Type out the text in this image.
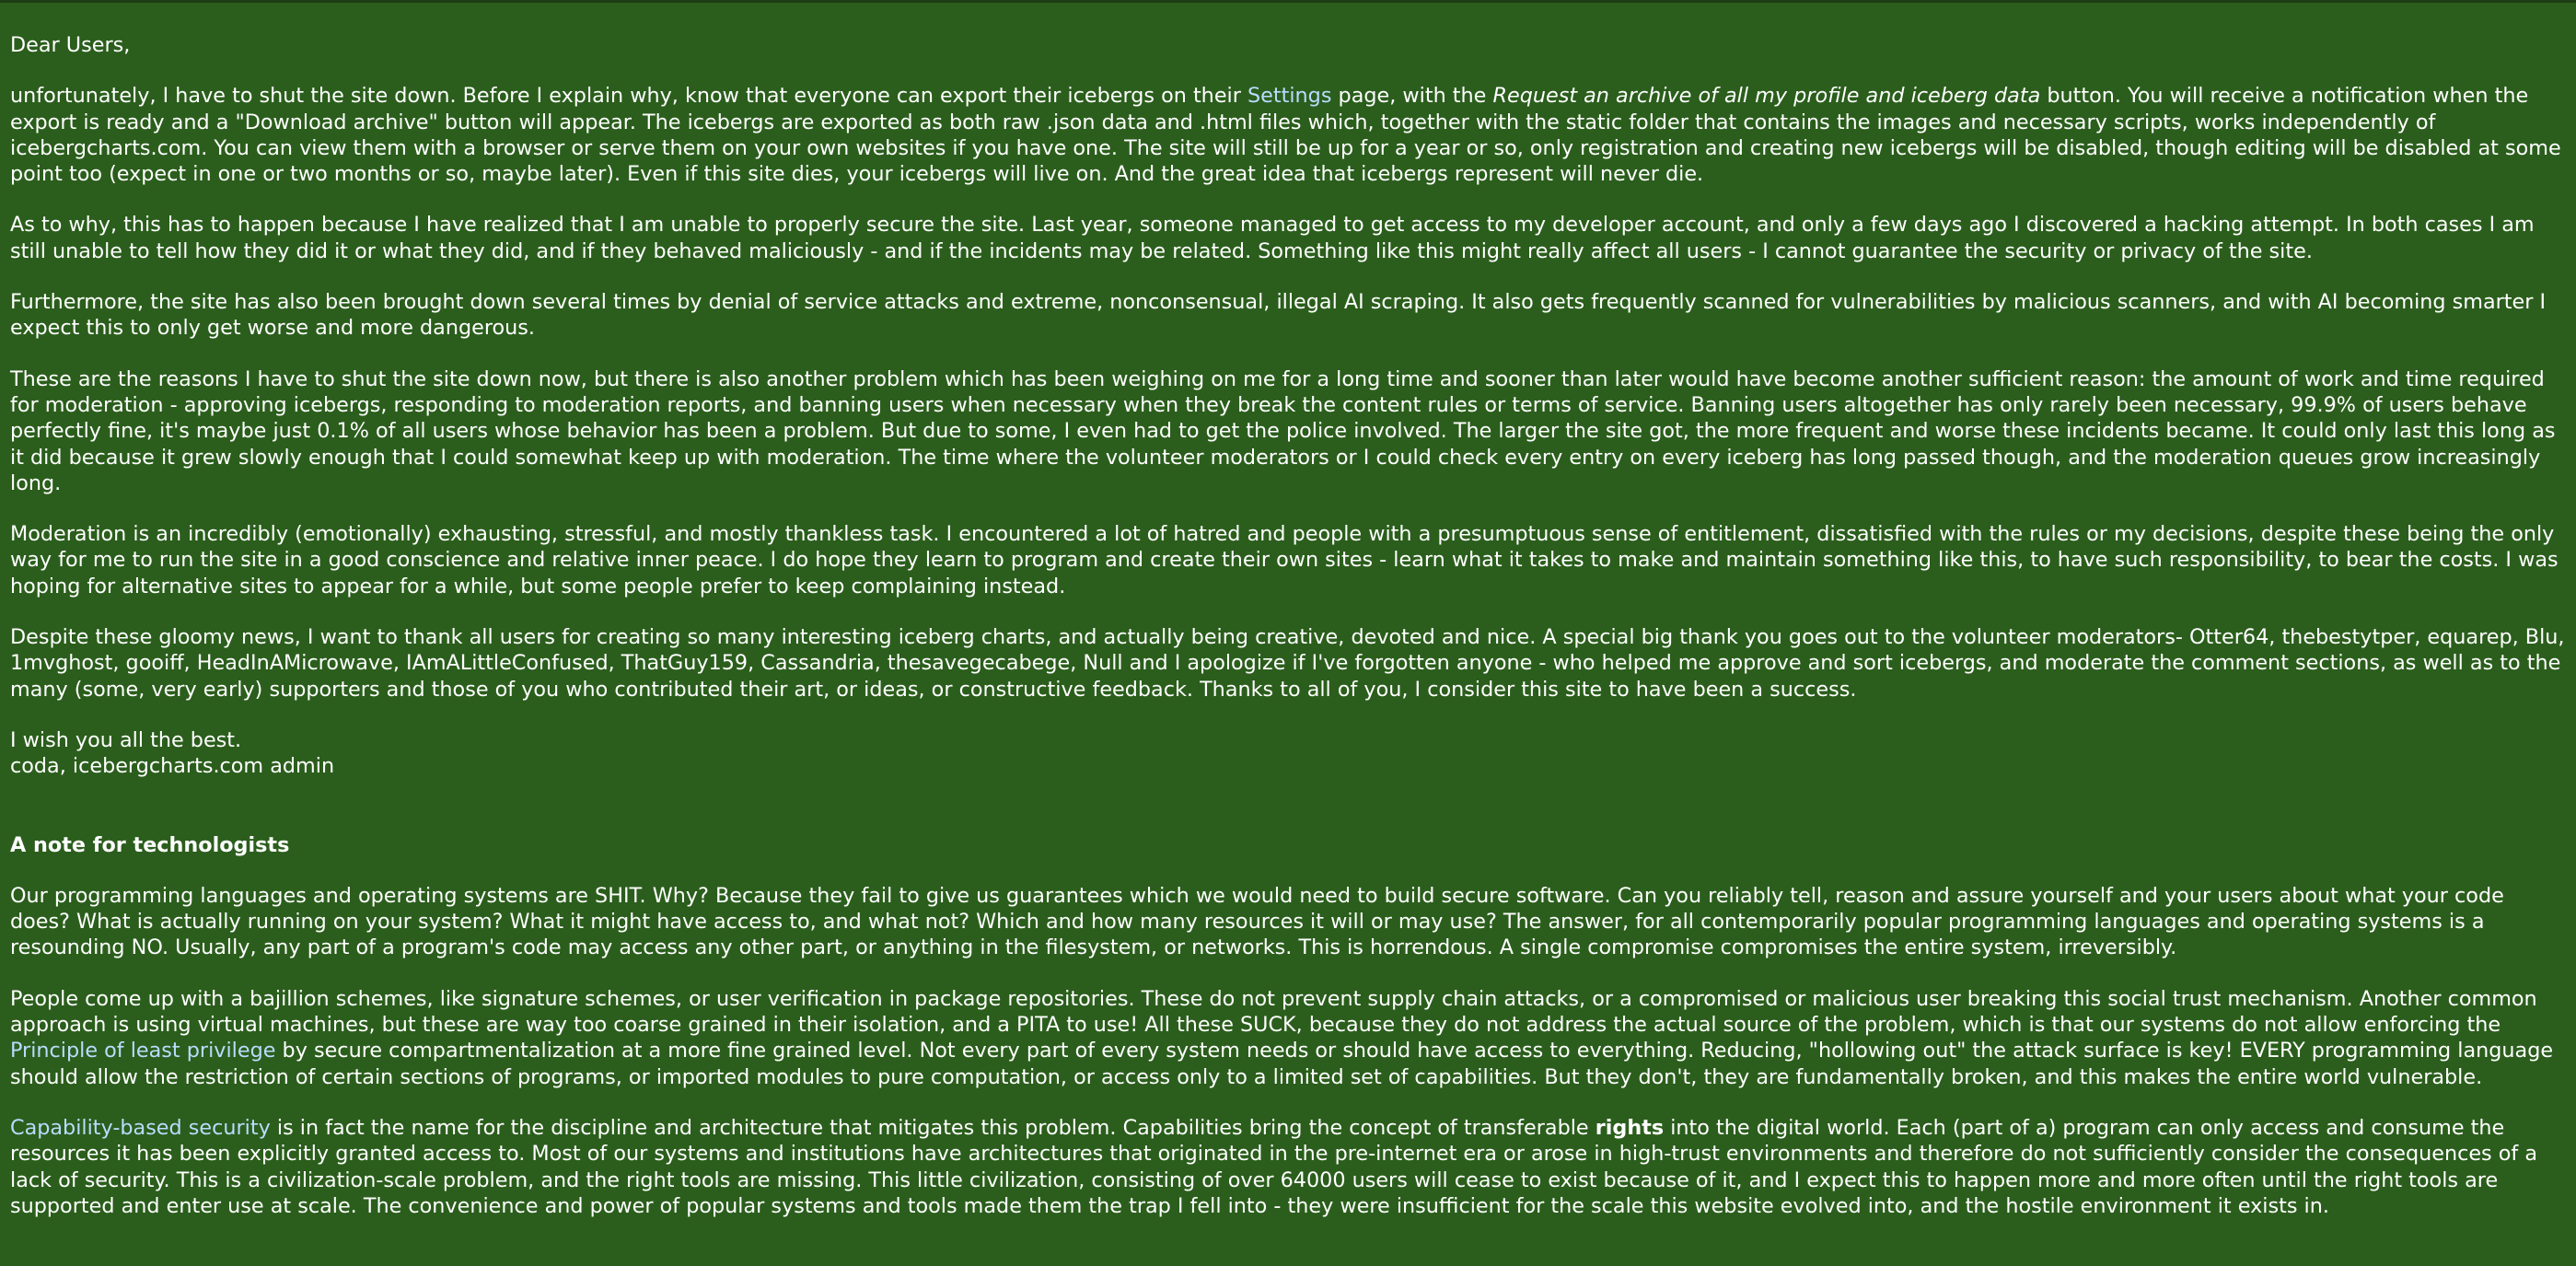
Dear Users,

unfortunately, I have to shut the site down. Before I explain why, know that everyone can export their icebergs on their Settings page, with the Request an archive of all my profile and iceberg data button. You will receive a notification when the export is ready and a "Download archive" button will appear. The icebergs are exported as both raw .json data and .html files which, together with the static folder that contains the images and necessary scripts, works independently of icebergcharts.com. You can view them with a browser or serve them on your own websites if you have one. The site will still be up for a year or so, only registration and creating new icebergs will be disabled, though editing will be disabled at some point too (expect in one or two months or so, maybe later). Even if this site dies, your icebergs will live on. And the great idea that icebergs represent will never die.

As to why, this has to happen because I have realized that I am unable to properly secure the site. Last year, someone managed to get access to my developer account, and only a few days ago I discovered a hacking attempt. In both cases I am still unable to tell how they did it or what they did, and if they behaved maliciously - and if the incidents may be related. Something like this might really affect all users - I cannot guarantee the security or privacy of the site.

Furthermore, the site has also been brought down several times by denial of service attacks and extreme, nonconsensual, illegal AI scraping. It also gets frequently scanned for vulnerabilities by malicious scanners, and with AI becoming smarter I expect this to only get worse and more dangerous.

These are the reasons I have to shut the site down now, but there is also another problem which has been weighing on me for a long time and sooner than later would have become another sufficient reason: the amount of work and time required for moderation - approving icebergs, responding to moderation reports, and banning users when necessary when they break the content rules or terms of service. Banning users altogether has only rarely been necessary, 99.9% of users behave perfectly fine, it's maybe just 0.1% of all users whose behavior has been a problem. But due to some, I even had to get the police involved. The larger the site got, the more frequent and worse these incidents became. It could only last this long as it did because it grew slowly enough that I could somewhat keep up with moderation. The time where the volunteer moderators or I could check every entry on every iceberg has long passed though, and the moderation queues grow increasingly long.

Moderation is an incredibly (emotionally) exhausting, stressful, and mostly thankless task. I encountered a lot of hatred and people with a presumptuous sense of entitlement, dissatisfied with the rules or my decisions, despite these being the only way for me to run the site in a good conscience and relative inner peace. I do hope they learn to program and create their own sites - learn what it takes to make and maintain something like this, to have such responsibility, to bear the costs. I was hoping for alternative sites to appear for a while, but some people prefer to keep complaining instead.

Despite these gloomy news, I want to thank all users for creating so many interesting iceberg charts, and actually being creative, devoted and nice. A special big thank you goes out to the volunteer moderators- Otter64, thebestytper, equarep, Blu, 1mvghost, gooiff, HeadInAMicrowave, IAmALittleConfused, ThatGuy159, Cassandria, thesavegecabege, Null and I apologize if I've forgotten anyone - who helped me approve and sort icebergs, and moderate the comment sections, as well as to the many (some, very early) supporters and those of you who contributed their art, or ideas, or constructive feedback. Thanks to all of you, I consider this site to have been a success.

I wish you all the best.

coda, icebergcharts.com admin

A note for technologists

Our programming languages and operating systems are SHIT. Why? Because they fail to give us guarantees which we would need to build secure software. Can you reliably tell, reason and assure yourself and your users about what your code does? What is actually running on your system? What it might have access to, and what not? Which and how many resources it will or may use? The answer, for all contemporarily popular programming languages and operating systems is a resounding NO. Usually, any part of a program's code may access any other part, or anything in the filesystem, or networks. This is horrendous. A single compromise compromises the entire system, irreversibly.

People come up with a bajillion schemes, like signature schemes, or user verification in package repositories. These do not prevent supply chain attacks, or a compromised or malicious user breaking this social trust mechanism. Another common approach is using virtual machines, but these are way too coarse grained in their isolation, and a PITA to use! All these SUCK, because they do not address the actual source of the problem, which is that our systems do not allow enforcing the Principle of least privilege by secure compartmentalization at a more fine grained level. Not every part of every system needs or should have access to everything. Reducing, "hollowing out" the attack surface is key! EVERY programming language should allow the restriction of certain sections of programs, or imported modules to pure computation, or access only to a limited set of capabilities. But they don't, they are fundamentally broken, and this makes the entire world vulnerable.

Capability-based security is in fact the name for the discipline and architecture that mitigates this problem. Capabilities bring the concept of transferable rights into the digital world. Each (part of a) program can only access and consume the resources it has been explicitly granted access to. Most of our systems and institutions have architectures that originated in the pre-internet era or arose in high-trust environments and therefore do not sufficiently consider the consequences of a lack of security. This is a civilization-scale problem, and the right tools are missing. This little civilization, consisting of over 64000 users will cease to exist because of it, and I expect this to happen more and more often until the right tools are supported and enter use at scale. The convenience and power of popular systems and tools made them the trap I fell into - they were insufficient for the scale this website evolved into, and the hostile environment it exists in.
